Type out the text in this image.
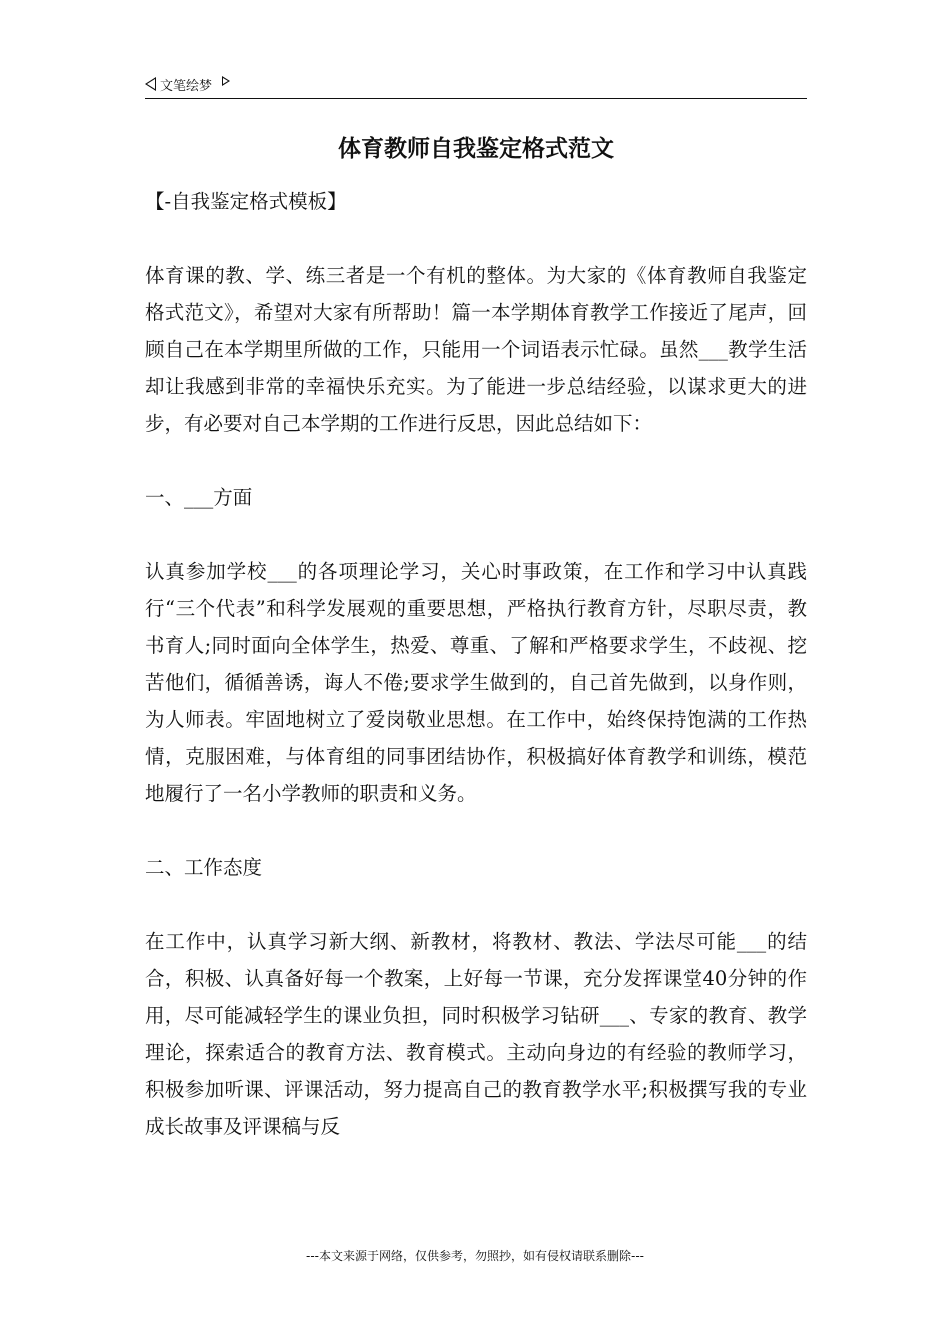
文笔绘梦
体育教师自我鉴定格式范文

【-自我鉴定格式模板】

体育课的教、学、练三者是一个有机的整体。为大家的《体育教师自我鉴定格式范文》，希望对大家有所帮助！篇一本学期体育教学工作接近了尾声，回顾自己在本学期里所做的工作，只能用一个词语表示忙碌。虽然___教学生活却让我感到非常的幸福快乐充实。为了能进一步总结经验，以谋求更大的进步，有必要对自己本学期的工作进行反思，因此总结如下：

一、___方面

认真参加学校___的各项理论学习，关心时事政策，在工作和学习中认真践行“三个代表”和科学发展观的重要思想，严格执行教育方针，尽职尽责，教书育人;同时面向全体学生，热爱、尊重、了解和严格要求学生，不歧视、挖苦他们，循循善诱，诲人不倦;要求学生做到的，自己首先做到，以身作则，为人师表。牢固地树立了爱岗敬业思想。在工作中，始终保持饱满的工作热情，克服困难，与体育组的同事团结协作，积极搞好体育教学和训练，模范地履行了一名小学教师的职责和义务。

二、工作态度

在工作中，认真学习新大纲、新教材，将教材、教法、学法尽可能___的结合，积极、认真备好每一个教案，上好每一节课，充分发挥课堂40分钟的作用，尽可能减轻学生的课业负担，同时积极学习钻研___、专家的教育、教学理论，探索适合的教育方法、教育模式。主动向身边的有经验的教师学习，积极参加听课、评课活动，努力提高自己的教育教学水平;积极撰写我的专业成长故事及评课稿与反

---本文来源于网络，仅供参考，勿照抄，如有侵权请联系删除---
